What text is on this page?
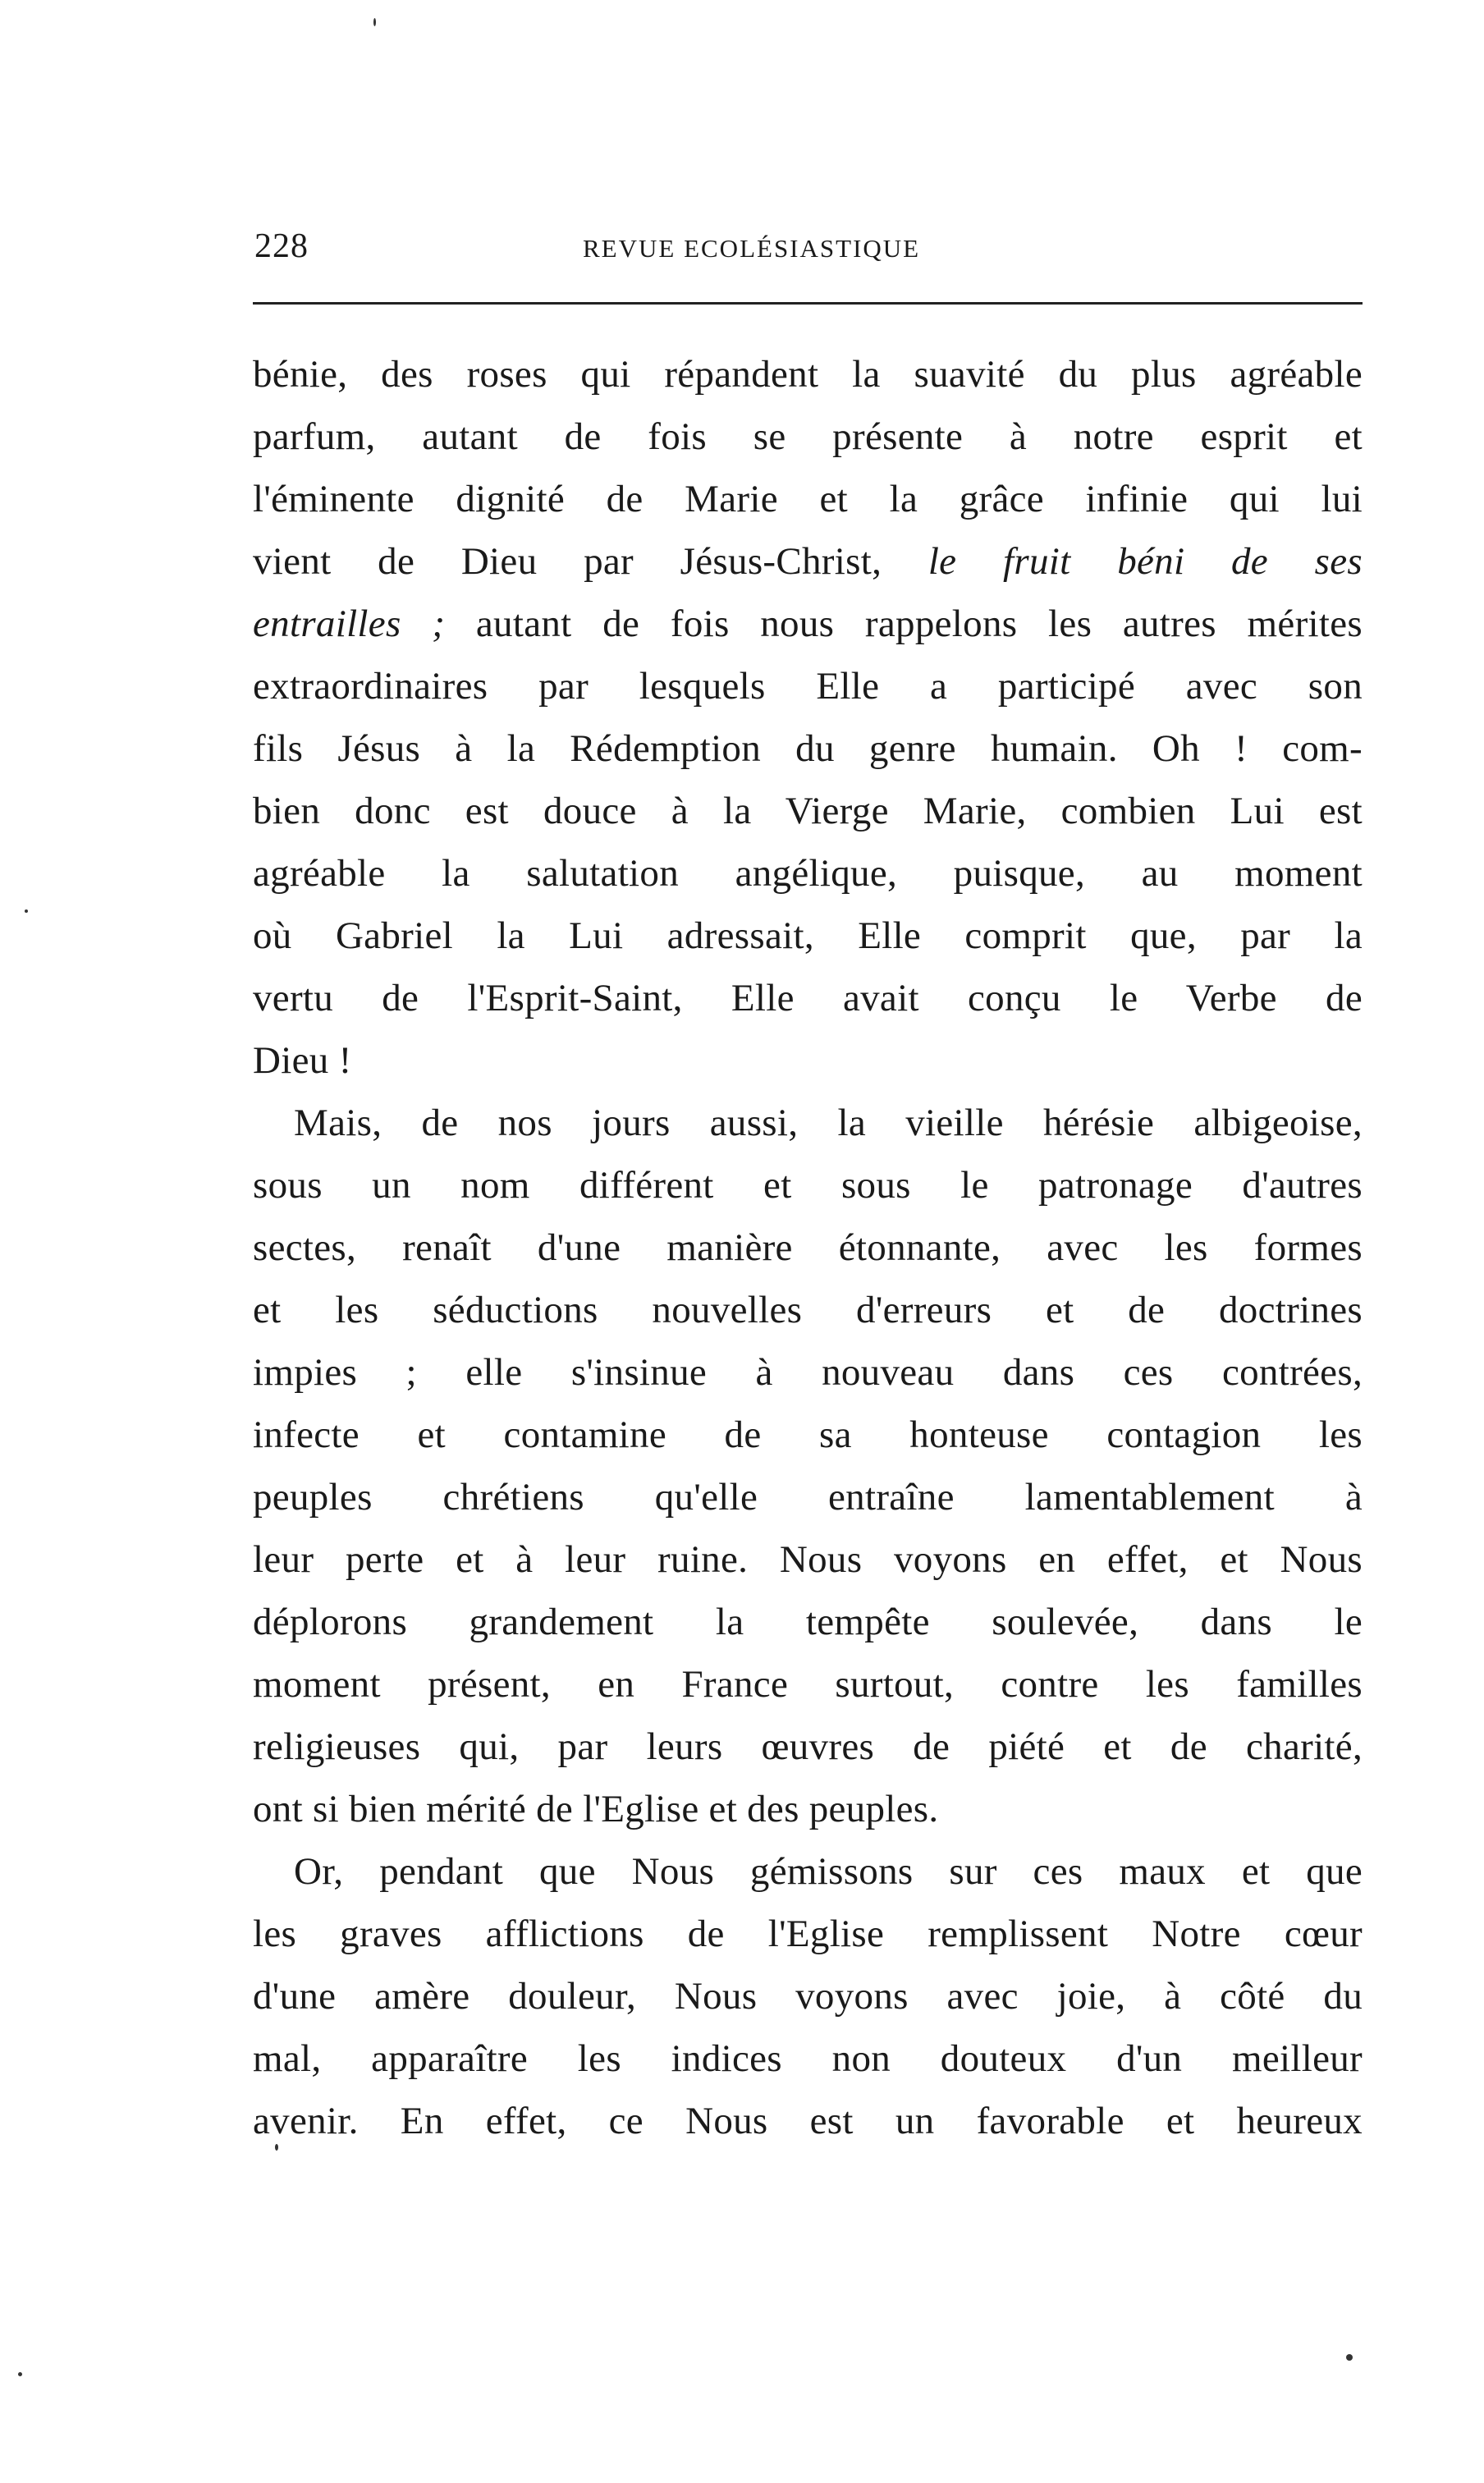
228	REVUE ECOLÉSIASTIQUE
bénie, des roses qui répandent la suavité du plus agréable
parfum, autant de fois se présente à notre esprit et
l'éminente dignité de Marie et la grâce infinie qui lui
vient de Dieu par Jésus-Christ, le fruit béni de ses
entrailles ; autant de fois nous rappelons les autres mérites
extraordinaires par lesquels Elle a participé avec son
fils Jésus à la Rédemption du genre humain. Oh ! com-
bien donc est douce à la Vierge Marie, combien Lui est
agréable la salutation angélique, puisque, au moment
où Gabriel la Lui adressait, Elle comprit que, par la
vertu de l'Esprit-Saint, Elle avait conçu le Verbe de
Dieu !
Mais, de nos jours aussi, la vieille hérésie albigeoise,
sous un nom différent et sous le patronage d'autres
sectes, renaît d'une manière étonnante, avec les formes
et les séductions nouvelles d'erreurs et de doctrines
impies ; elle s'insinue à nouveau dans ces contrées,
infecte et contamine de sa honteuse contagion les
peuples chrétiens qu'elle entraîne lamentablement à
leur perte et à leur ruine. Nous voyons en effet, et Nous
déplorons grandement la tempête soulevée, dans le
moment présent, en France surtout, contre les familles
religieuses qui, par leurs œuvres de piété et de charité,
ont si bien mérité de l'Eglise et des peuples.
Or, pendant que Nous gémissons sur ces maux et que
les graves afflictions de l'Eglise remplissent Notre cœur
d'une amère douleur, Nous voyons avec joie, à côté du
mal, apparaître les indices non douteux d'un meilleur
avenir. En effet, ce Nous est un favorable et heureux
